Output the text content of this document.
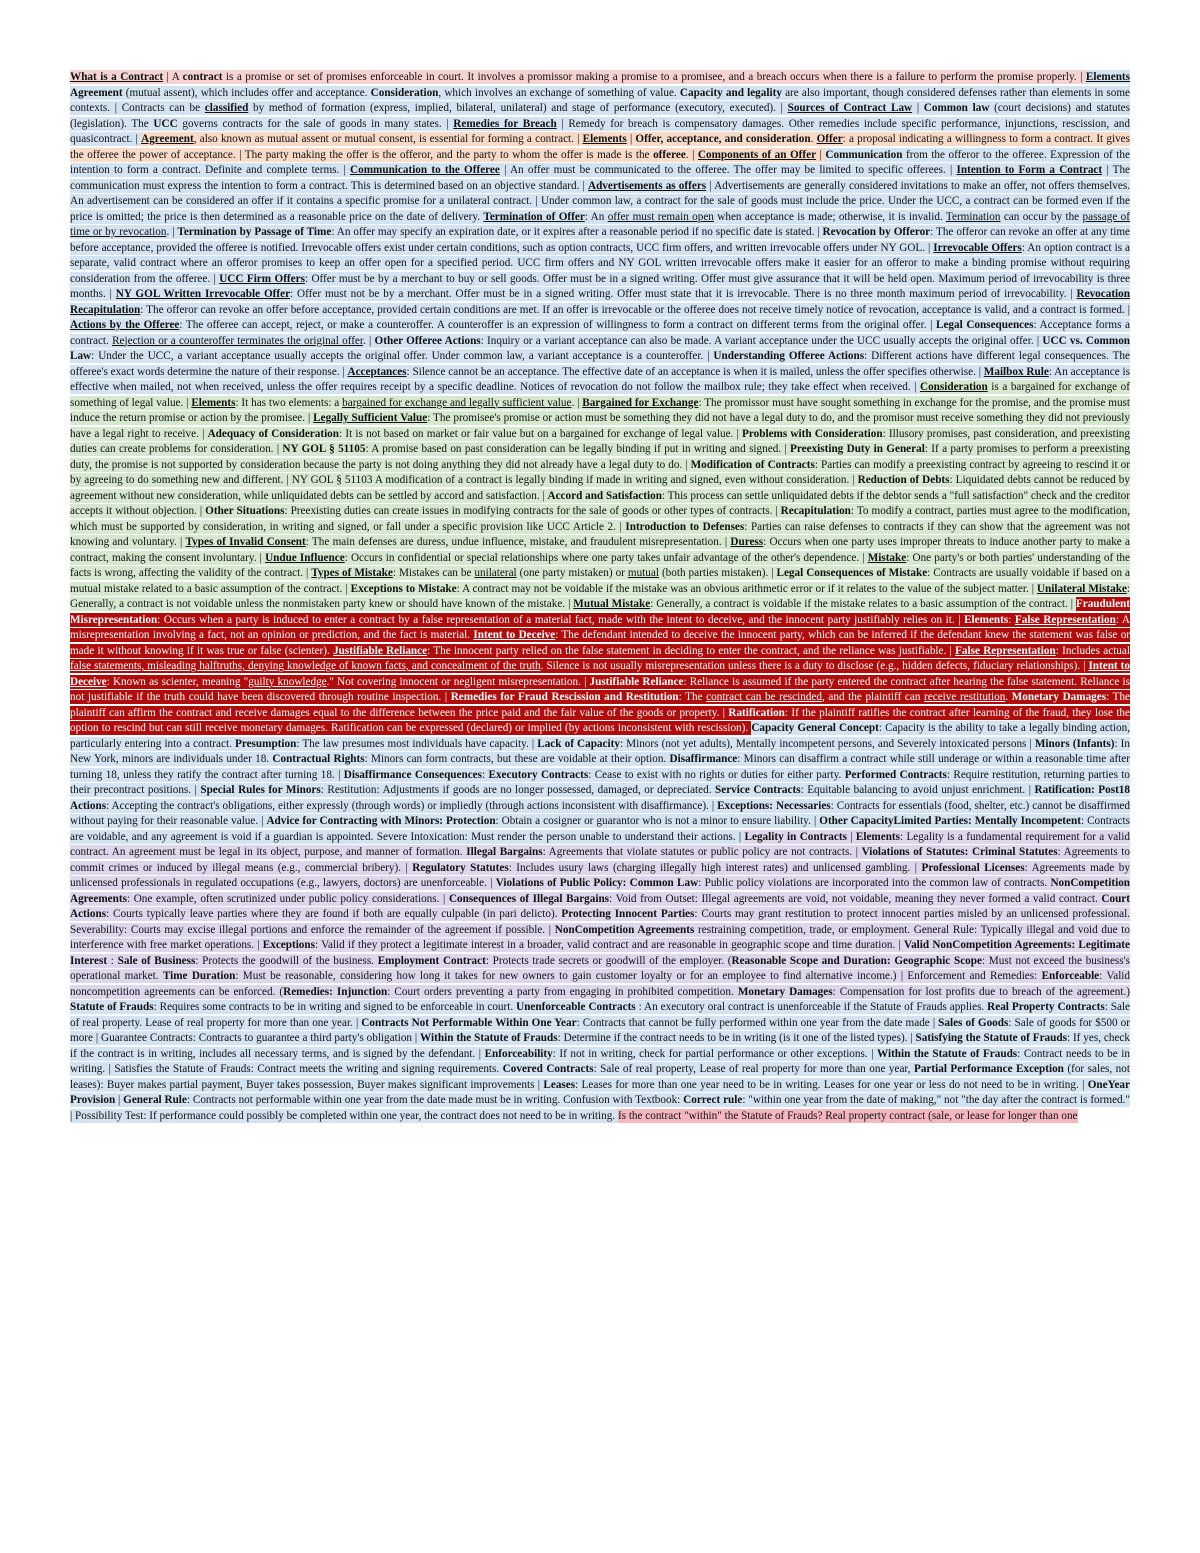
What is a Contract | A contract is a promise or set of promises enforceable in court. It involves a promissor making a promise to a promisee, and a breach occurs when there is a failure to perform the promise properly. | Elements Agreement (mutual assent), which includes offer and acceptance. Consideration, which involves an exchange of something of value. Capacity and legality are also important, though considered defenses rather than elements in some contexts. | Contracts can be classified by method of formation (express, implied, bilateral, unilateral) and stage of performance (executory, executed). | Sources of Contract Law | Common law (court decisions) and statutes (legislation). The UCC governs contracts for the sale of goods in many states. | Remedies for Breach | Remedy for breach is compensatory damages. Other remedies include specific performance, injunctions, rescission, and quasicontract. | Agreement, also known as mutual assent or mutual consent, is essential for forming a contract. | Elements | Offer, acceptance, and consideration. Offer: a proposal indicating a willingness to form a contract. It gives the offeree the power of acceptance. | The party making the offer is the offeror, and the party to whom the offer is made is the offeree. | Components of an Offer | Communication from the offeror to the offeree. Expression of the intention to form a contract. Definite and complete terms. | Communication to the Offeree | An offer must be communicated to the offeree. The offer may be limited to specific offerees. | Intention to Form a Contract | The communication must express the intention to form a contract. This is determined based on an objective standard. | Advertisements as offers | Advertisements are generally considered invitations to make an offer, not offers themselves. An advertisement can be considered an offer if it contains a specific promise for a unilateral contract. | Under common law, a contract for the sale of goods must include the price. Under the UCC, a contract can be formed even if the price is omitted; the price is then determined as a reasonable price on the date of delivery. Termination of Offer: An offer must remain open when acceptance is made; otherwise, it is invalid. Termination can occur by the passage of time or by revocation. | Termination by Passage of Time: An offer may specify an expiration date, or it expires after a reasonable period if no specific date is stated. | Revocation by Offeror: The offeror can revoke an offer at any time before acceptance, provided the offeree is notified. Irrevocable offers exist under certain conditions, such as option contracts, UCC firm offers, and written irrevocable offers under NY GOL. | Irrevocable Offers: An option contract is a separate, valid contract where an offeror promises to keep an offer open for a specified period. UCC firm offers and NY GOL written irrevocable offers make it easier for an offeror to make a binding promise without requiring consideration from the offeree. | UCC Firm Offers: Offer must be by a merchant to buy or sell goods. Offer must be in a signed writing. Offer must give assurance that it will be held open. Maximum period of irrevocability is three months. | NY GOL Written Irrevocable Offer: Offer must not be by a merchant. Offer must be in a signed writing. Offer must state that it is irrevocable. There is no three month maximum period of irrevocability. | Revocation Recapitulation: The offeror can revoke an offer before acceptance, provided certain conditions are met. If an offer is irrevocable or the offeree does not receive timely notice of revocation, acceptance is valid, and a contract is formed. | Actions by the Offeree: The offeree can accept, reject, or make a counteroffer. A counteroffer is an expression of willingness to form a contract on different terms from the original offer. | Legal Consequences: Acceptance forms a contract. Rejection or a counteroffer terminates the original offer. | Other Offeree Actions: Inquiry or a variant acceptance can also be made. A variant acceptance under the UCC usually accepts the original offer. | UCC vs. Common Law: Under the UCC, a variant acceptance usually accepts the original offer. Under common law, a variant acceptance is a counteroffer. | Understanding Offeree Actions: Different actions have different legal consequences. The offeree's exact words determine the nature of their response. | Acceptances: Silence cannot be an acceptance. The effective date of an acceptance is when it is mailed, unless the offer specifies otherwise. | Mailbox Rule: An acceptance is effective when mailed, not when received, unless the offer requires receipt by a specific deadline. Notices of revocation do not follow the mailbox rule; they take effect when received. | Consideration is a bargained for exchange of something of legal value. | Elements: It has two elements: a bargained for exchange and legally sufficient value. | Bargained for Exchange: The promissor must have sought something in exchange for the promise, and the promise must induce the return promise or action by the promisee. | Legally Sufficient Value: The promisee's promise or action must be something they did not have a legal duty to do, and the promisor must receive something they did not previously have a legal right to receive. | Adequacy of Consideration: It is not based on market or fair value but on a bargained for exchange of legal value. | Problems with Consideration: Illusory promises, past consideration, and preexisting duties can create problems for consideration. | NY GOL § 51105: A promise based on past consideration can be legally binding if put in writing and signed. | Preexisting Duty in General: If a party promises to perform a preexisting duty, the promise is not supported by consideration because the party is not doing anything they did not already have a legal duty to do. | Modification of Contracts: Parties can modify a preexisting contract by agreeing to rescind it or by agreeing to do something new and different. | NY GOL § 51103 A modification of a contract is legally binding if made in writing and signed, even without consideration. | Reduction of Debts: Liquidated debts cannot be reduced by agreement without new consideration, while unliquidated debts can be settled by accord and satisfaction. | Accord and Satisfaction: This process can settle unliquidated debts if the debtor sends a "full satisfaction" check and the creditor accepts it without objection. | Other Situations: Preexisting duties can create issues in modifying contracts for the sale of goods or other types of contracts. | Recapitulation: To modify a contract, parties must agree to the modification, which must be supported by consideration, in writing and signed, or fall under a specific provision like UCC Article 2. | Introduction to Defenses: Parties can raise defenses to contracts if they can show that the agreement was not knowing and voluntary. | Types of Invalid Consent: The main defenses are duress, undue influence, mistake, and fraudulent misrepresentation. | Duress: Occurs when one party uses improper threats to induce another party to make a contract, making the consent involuntary. | Undue Influence: Occurs in confidential or special relationships where one party takes unfair advantage of the other's dependence. | Mistake: One party's or both parties' understanding of the facts is wrong, affecting the validity of the contract. | Types of Mistake: Mistakes can be unilateral (one party mistaken) or mutual (both parties mistaken). | Legal Consequences of Mistake: Contracts are usually voidable if based on a mutual mistake related to a basic assumption of the contract. | Exceptions to Mistake: A contract may not be voidable if the mistake was an obvious arithmetic error or if it relates to the value of the subject matter. | Unilateral Mistake: Generally, a contract is not voidable unless the nonmistaken party knew or should have known of the mistake. | Mutual Mistake: Generally, a contract is voidable if the mistake relates to a basic assumption of the contract. | Fraudulent Misrepresentation: Occurs when a party is induced to enter a contract by a false representation of a material fact, made with the intent to deceive, and the innocent party justifiably relies on it. | Elements: False Representation: A misrepresentation involving a fact, not an opinion or prediction, and the fact is material. Intent to Deceive: The defendant intended to deceive the innocent party, which can be inferred if the defendant knew the statement was false or made it without knowing if it was true or false (scienter). Justifiable Reliance: The innocent party relied on the false statement in deciding to enter the contract, and the reliance was justifiable. | False Representation: Includes actual false statements, misleading halftruths, denying knowledge of known facts, and concealment of the truth. Silence is not usually misrepresentation unless there is a duty to disclose (e.g., hidden defects, fiduciary relationships). | Intent to Deceive: Known as scienter, meaning "guilty knowledge." Not covering innocent or negligent misrepresentation. | Justifiable Reliance: Reliance is assumed if the party entered the contract after hearing the false statement. Reliance is not justifiable if the truth could have been discovered through routine inspection. | Remedies for Fraud Rescission and Restitution: The contract can be rescinded, and the plaintiff can receive restitution. Monetary Damages: The plaintiff can affirm the contract and receive damages equal to the difference between the price paid and the fair value of the goods or property. | Ratification: If the plaintiff ratifies the contract after learning of the fraud, they lose the option to rescind but can still receive monetary damages. Ratification can be expressed (declared) or implied (by actions inconsistent with rescission). Capacity General Concept: Capacity is the ability to take a legally binding action, particularly entering into a contract. Presumption: The law presumes most individuals have capacity. | Lack of Capacity: Minors (not yet adults), Mentally incompetent persons, and Severely intoxicated persons | Minors (Infants): In New York, minors are individuals under 18. Contractual Rights: Minors can form contracts, but these are voidable at their option. Disaffirmance: Minors can disaffirm a contract while still underage or within a reasonable time after turning 18, unless they ratify the contract after turning 18. | Disaffirmance Consequences: Executory Contracts: Cease to exist with no rights or duties for either party. Performed Contracts: Require restitution, returning parties to their precontract positions. | Special Rules for Minors: Restitution: Adjustments if goods are no longer possessed, damaged, or depreciated. Service Contracts: Equitable balancing to avoid unjust enrichment. | Ratification: Post18 Actions: Accepting the contract's obligations, either expressly (through words) or impliedly (through actions inconsistent with disaffirmance). | Exceptions: Necessaries: Contracts for essentials (food, shelter, etc.) cannot be disaffirmed without paying for their reasonable value. | Advice for Contracting with Minors: Protection: Obtain a cosigner or guarantor who is not a minor to ensure liability. | Other CapacityLimited Parties: Mentally Incompetent: Contracts are voidable, and any agreement is void if a guardian is appointed. Severe Intoxication: Must render the person unable to understand their actions. | Legality in Contracts | Elements: Legality is a fundamental requirement for a valid contract. An agreement must be legal in its object, purpose, and manner of formation. Illegal Bargains: Agreements that violate statutes or public policy are not contracts. | Violations of Statutes: Criminal Statutes: Agreements to commit crimes or induced by illegal means (e.g., commercial bribery). | Regulatory Statutes: Includes usury laws (charging illegally high interest rates) and unlicensed gambling. | Professional Licenses: Agreements made by unlicensed professionals in regulated occupations (e.g., lawyers, doctors) are unenforceable. | Violations of Public Policy: Common Law: Public policy violations are incorporated into the common law of contracts. NonCompetition Agreements: One example, often scrutinized under public policy considerations. | Consequences of Illegal Bargains: Void from Outset: Illegal agreements are void, not voidable, meaning they never formed a valid contract. Court Actions: Courts typically leave parties where they are found if both are equally culpable (in pari delicto). Protecting Innocent Parties: Courts may grant restitution to protect innocent parties misled by an unlicensed professional. Severability: Courts may excise illegal portions and enforce the remainder of the agreement if possible. | NonCompetition Agreements restraining competition, trade, or employment. General Rule: Typically illegal and void due to interference with free market operations. | Exceptions: Valid if they protect a legitimate interest in a broader, valid contract and are reasonable in geographic scope and time duration. | Valid NonCompetition Agreements: Legitimate Interest : Sale of Business: Protects the goodwill of the business. Employment Contract: Protects trade secrets or goodwill of the employer. (Reasonable Scope and Duration: Geographic Scope: Must not exceed the business's operational market. Time Duration: Must be reasonable, considering how long it takes for new owners to gain customer loyalty or for an employee to find alternative income.) | Enforcement and Remedies: Enforceable: Valid noncompetition agreements can be enforced. (Remedies: Injunction: Court orders preventing a party from engaging in prohibited competition. Monetary Damages: Compensation for lost profits due to breach of the agreement.) Statute of Frauds: Requires some contracts to be in writing and signed to be enforceable in court. Unenforceable Contracts : An executory oral contract is unenforceable if the Statute of Frauds applies. Real Property Contracts: Sale of real property. Lease of real property for more than one year. | Contracts Not Performable Within One Year: Contracts that cannot be fully performed within one year from the date made | Sales of Goods: Sale of goods for $500 or more | Guarantee Contracts: Contracts to guarantee a third party's obligation | Within the Statute of Frauds: Determine if the contract needs to be in writing (is it one of the listed types). | Satisfying the Statute of Frauds: If yes, check if the contract is in writing, includes all necessary terms, and is signed by the defendant. | Enforceability: If not in writing, check for partial performance or other exceptions. | Within the Statute of Frauds: Contract needs to be in writing. | Satisfies the Statute of Frauds: Contract meets the writing and signing requirements. Covered Contracts: Sale of real property, Lease of real property for more than one year, Partial Performance Exception (for sales, not leases): Buyer makes partial payment, Buyer takes possession, Buyer makes significant improvements | Leases: Leases for more than one year need to be in writing. Leases for one year or less do not need to be in writing. | OneYear Provision | General Rule: Contracts not performable within one year from the date made must be in writing. Confusion with Textbook: Correct rule: "within one year from the date of making," not "the day after the contract is formed." | Possibility Test: If performance could possibly be completed within one year, the contract does not need to be in writing. Is the contract "within" the Statute of Frauds? Real property contract (sale, or lease for longer than one
